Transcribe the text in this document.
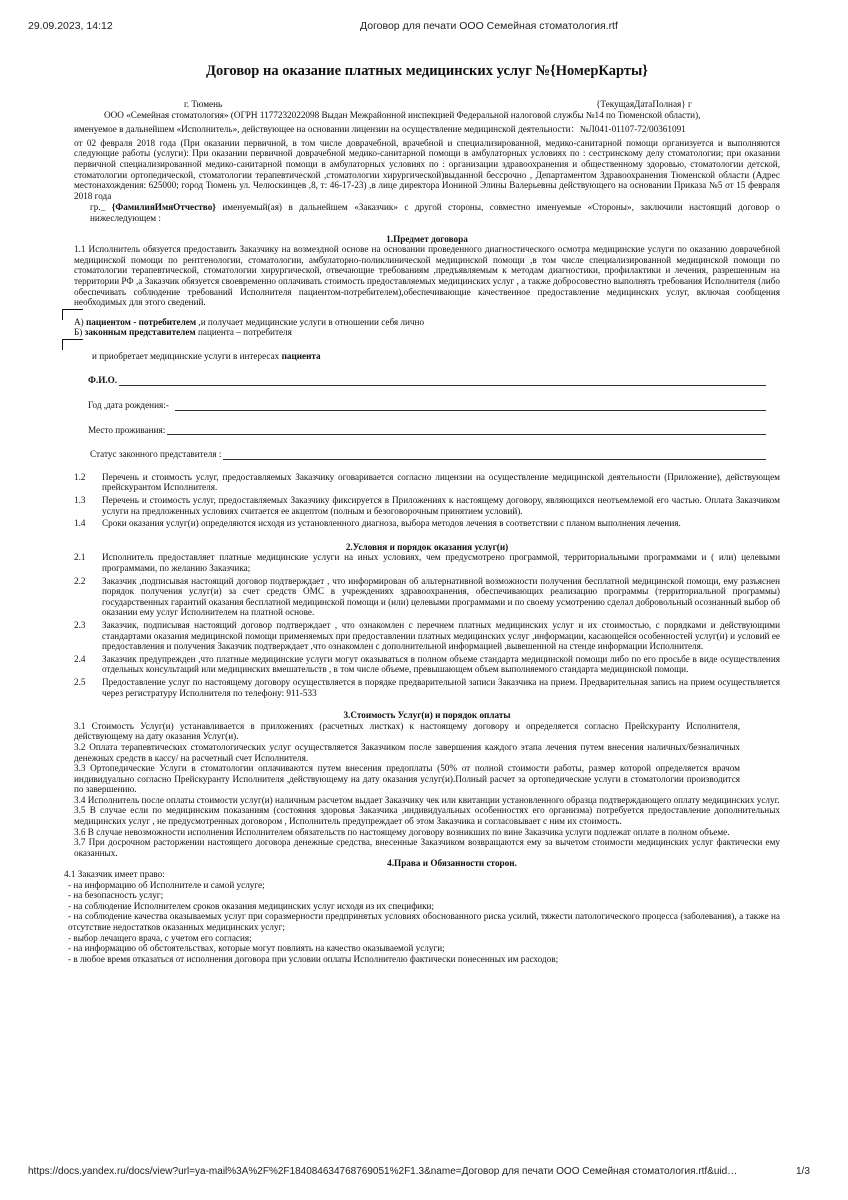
29.09.2023, 14:12	Договор для печати ООО Семейная стоматология.rtf
Договор на оказание платных медицинских услуг №{НомерКарты}
г. Тюмень	{ТекущаяДатаПолная} г

ООО «Семейная стоматология» (ОГРН 1177232022098 Выдан Межрайонной инспекцией Федеральной налоговой службы №14 по Тюменской области),

именуемое в дальнейшем «Исполнитель», действующее на основании лицензии на осуществление медицинской деятельности：№Л041-01107-72/00361091

от 02 февраля 2018 года (При оказании первичной, в том числе доврачебной, врачебной и специализированной, медико-санитарной помощи организуется и выполняются следующие работы (услуги): При оказании первичной доврачебной медико-санитарной помощи в амбулаторных условиях по : сестринскому делу стоматологии; при оказании первичной специализированной медико-санитарной помощи в амбулаторных условиях по : организации здравоохранения и общественному здоровью, стоматологии детской, стоматологии ортопедической, стоматологии терапевтической ,стоматологии хирургической)выданной бессрочно , Департаментом Здравоохранения Тюменской области (Адрес местонахождения: 625000; город Тюмень ул. Челюскинцев ,8, т: 46-17-23) ,в лице директора Иониной Элины Валерьевны действующего на основании Приказа №5 от 15 февраля 2018 года

гр._ {ФамилияИмяОтчество} именуемый(ая) в дальнейшем «Заказчик» с другой стороны, совместно именуемые «Стороны», заключили настоящий договор о нижеследующем :

1.Предмет договора

1.1 Исполнитель обязуется предоставить Заказчику на возмездной основе на основании проведенного диагностического осмотра медицинские услуги по оказанию доврачебной медицинской помощи по рентгенологии, стоматологии, амбулаторно-поликлинической медицинской помощи ,в том числе специализированной медицинской помощи по стоматологии терапевтической, стоматологии хирургической, отвечающие требованиям ,предъявляемым к методам диагностики, профилактики и лечения, разрешенным на территории РФ ,а Заказчик обязуется своевременно оплачивать стоимость предоставляемых медицинских услуг , а также добросовестно выполнять требования Исполнителя (либо обеспечивать соблюдение требований Исполнителя пациентом-потребителем),обеспечивающие качественное предоставление медицинских услуг, включая сообщения необходимых для этого сведений.

А) пациентом - потребителем ,и получает медицинские услуги в отношении себя лично
Б) законным представителем пациента – потребителя
и приобретает медицинские услуги в интересах пациента
Ф.И.О.
Год ,дата рождения:-
Место проживания:
Статус законного представителя :
1.2	Перечень и стоимость услуг, предоставляемых Заказчику оговаривается согласно лицензии на осуществление медицинской деятельности (Приложение), действующем прейскурантом Исполнителя.
1.3	Перечень и стоимость услуг, предоставляемых Заказчику фиксируется в Приложениях к настоящему договору, являющихся неотъемлемой его частью. Оплата Заказчиком услуги на предложенных условиях считается ее акцептом (полным и безоговорочным принятием условий).
1.4	Сроки оказания услуг(и) определяются исходя из установленного диагноза, выбора методов лечения в соответствии с планом выполнения лечения.
2.Условия и порядок оказания услуг(и)
2.1	Исполнитель предоставляет платные медицинские услуги на иных условиях, чем предусмотрено программой, территориальными программами и ( или) целевыми программами, по желанию Заказчика;
2.2	Заказчик ,подписывая настоящий договор подтверждает , что информирован об альтернативной возможности получения бесплатной медицинской помощи, ему разъяснен порядок получения услуг(и) за счет средств ОМС в учреждениях здравоохранения, обеспечивающих реализацию программы (территориальной программы) государственных гарантий оказания бесплатной медицинской помощи и (или) целевыми программами и по своему усмотрению сделал добровольный осознанный выбор об оказании ему услуг Исполнителем на платной основе.
2.3	Заказчик, подписывая настоящий договор подтверждает , что ознакомлен с перечнем платных медицинских услуг и их стоимостью, с порядками и действующими стандартами оказания медицинской помощи применяемых при предоставлении платных медицинских услуг ,информации, касающейся особенностей услуг(и) и условий ее предоставления и получения Заказчик подтверждает ,что ознакомлен с дополнительной информацией ,вывешенной на стенде информации Исполнителя.
2.4	Заказчик предупрежден ,что платные медицинские услуги могут оказываться в полном объеме стандарта медицинской помощи либо по его просьбе в виде осуществления отдельных консультаций или медицинских вмешательств , в том числе объеме, превышающем объем выполняемого стандарта медицинской помощи.
2.5	Предоставление услуг по настоящему договору осуществляется в порядке предварительной записи Заказчика на прием. Предварительная запись на прием осуществляется через регистратуру Исполнителя по телефону: 911-533
3.Стоимость Услуг(и) и порядок оплаты

3.1 Стоимость Услуг(и) устанавливается в приложениях (расчетных листках) к настоящему договору и определяется согласно Прейскуранту Исполнителя, действующему на дату оказания Услуг(и).

3.2 Оплата терапевтических стоматологических услуг осуществляется Заказчиком после завершения каждого этапа лечения путем внесения наличных/безналичных денежных средств в кассу/ на расчетный счет Исполнителя.

3.3 Ортопедические Услуги в стоматологии оплачиваются путем внесения предоплаты (50% от полной стоимости работы, размер которой определяется врачом индивидуально согласно Прейскуранту Исполнителя ,действующему на дату оказания услуг(и).Полный расчет за ортопедические услуги в стоматологии производится по завершению.

3.4 Исполнитель после оплаты стоимости услуг(и) наличным расчетом выдает Заказчику чек или квитанции установленного образца подтверждающего оплату медицинских услуг.

3.5 В случае если по медицинским показаниям (состояния здоровья Заказчика ,индивидуальных особенностях его организма) потребуется предоставление дополнительных медицинских услуг , не предусмотренных договором , Исполнитель предупреждает об этом Заказчика и согласовывает с ним их стоимость.

3.6 В случае невозможности исполнения Исполнителем обязательств по настоящему договору возникших по вине Заказчика услуги подлежат оплате в полном объеме.

3.7 При досрочном расторжении настоящего договора денежные средства, внесенные Заказчиком возвращаются ему за вычетом стоимости медицинских услуг фактически ему оказанных.

4.Права и Обязанности сторон.

4.1 Заказчик имеет право:

- на информацию об Исполнителе и самой услуге;

- на безопасность услуг;

- на соблюдение Исполнителем сроков оказания медицинских услуг исходя из их специфики;

- на соблюдение качества оказываемых услуг при соразмерности предпринятых условиях обоснованного риска усилий, тяжести патологического процесса (заболевания), а также на отсутствие недостатков оказанных медицинских услуг;

- выбор лечащего врача, с учетом его согласия;

- на информацию об обстоятельствах, которые могут повлиять на качество оказываемой услуги;

- в любое время отказаться от исполнения договора при условии оплаты Исполнителю фактически понесенных им расходов;

https://docs.yandex.ru/docs/view?url=ya-mail%3A%2F%2F184084634768769051%2F1.3&name=Договор для печати ООО Семейная стоматология.rtf&uid…	1/3
